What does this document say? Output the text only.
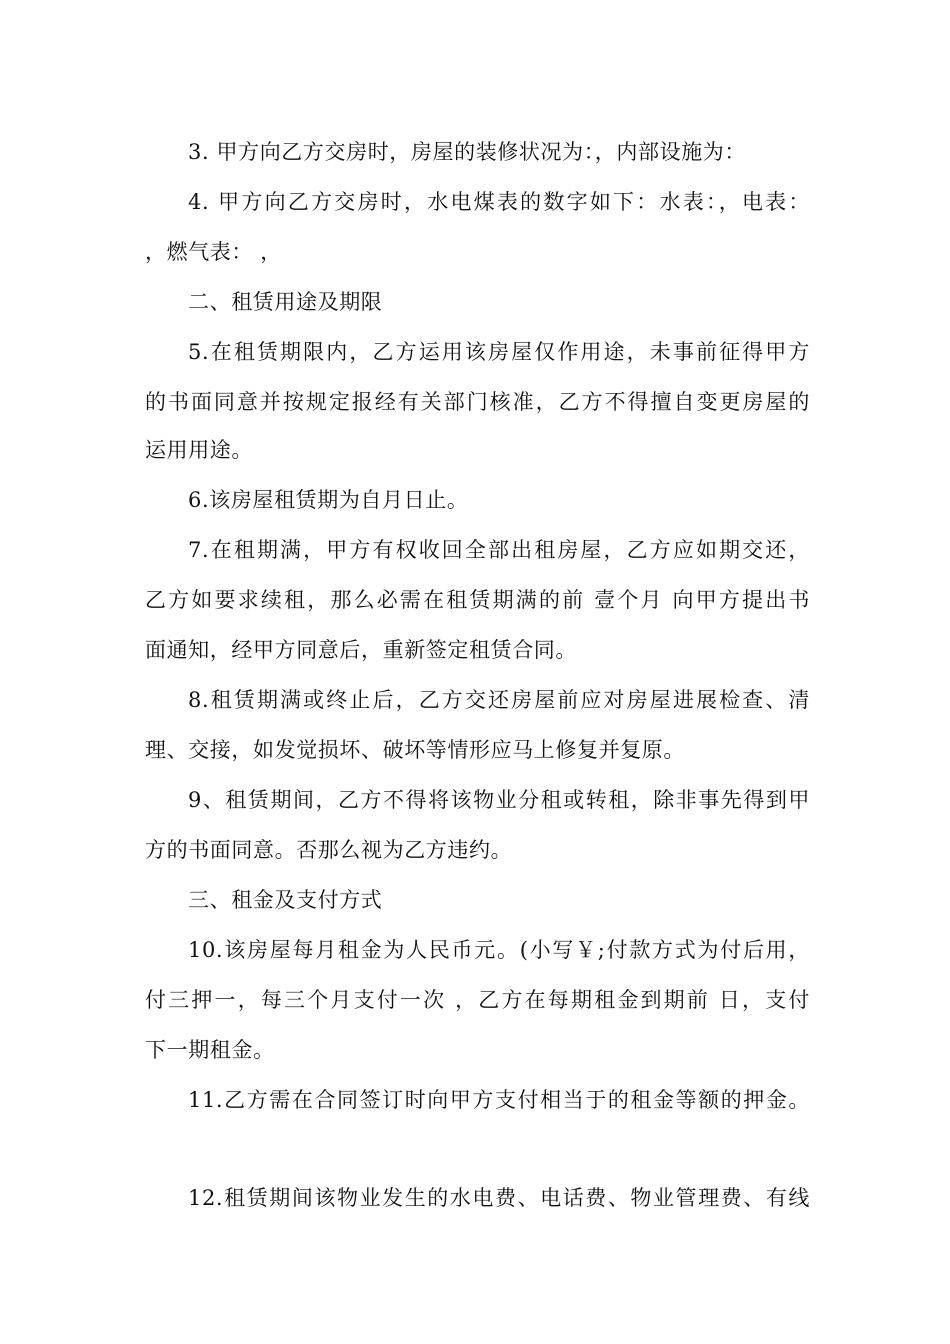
3. 甲方向乙方交房时，房屋的装修状况为：，内部设施为：
4. 甲方向乙方交房时，水电煤表的数字如下：水表：，电表：
，燃气表： ，
二、租赁用途及期限
5.在租赁期限内，乙方运用该房屋仅作用途，未事前征得甲方
的书面同意并按规定报经有关部门核准，乙方不得擅自变更房屋的
运用用途。
6.该房屋租赁期为自月日止。
7.在租期满，甲方有权收回全部出租房屋，乙方应如期交还，
乙方如要求续租，那么必需在租赁期满的前 壹个月 向甲方提出书
面通知，经甲方同意后，重新签定租赁合同。
8.租赁期满或终止后，乙方交还房屋前应对房屋进展检查、清
理、交接，如发觉损坏、破坏等情形应马上修复并复原。
9、租赁期间，乙方不得将该物业分租或转租，除非事先得到甲
方的书面同意。否那么视为乙方违约。
三、租金及支付方式
10.该房屋每月租金为人民币元。(小写￥;付款方式为付后用，
付三押一，每三个月支付一次 ，乙方在每期租金到期前 日，支付
下一期租金。
11.乙方需在合同签订时向甲方支付相当于的租金等额的押金。
12.租赁期间该物业发生的水电费、电话费、物业管理费、有线
